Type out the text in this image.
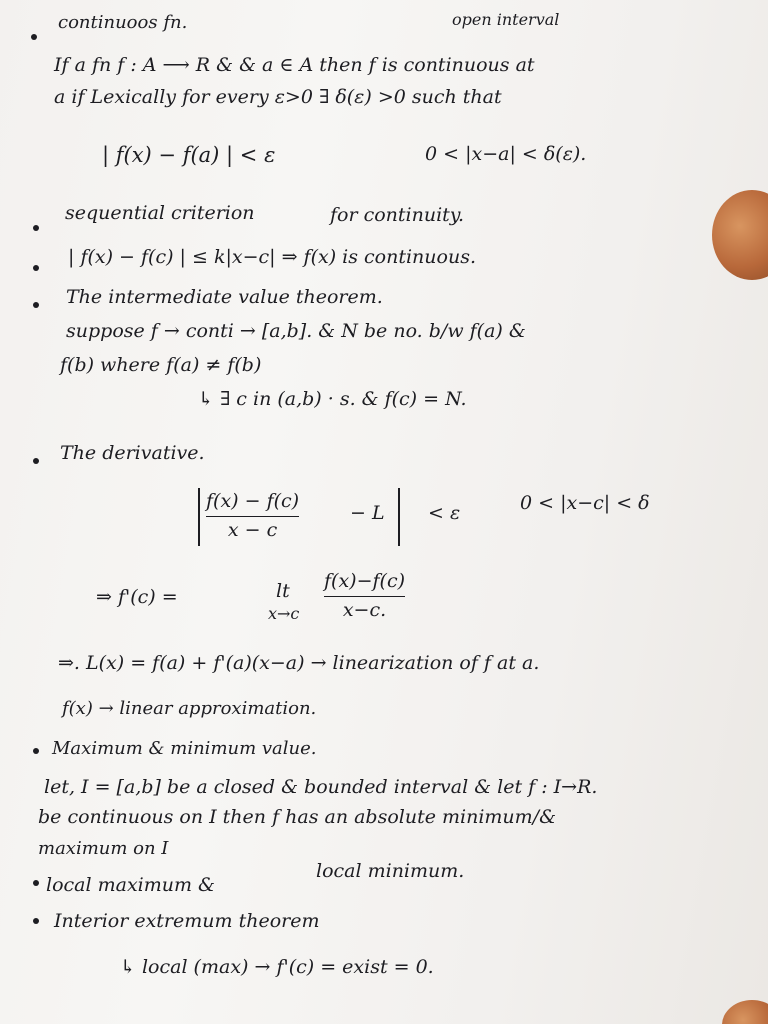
continuoos fn.	open interval
If a fn f : A ⟶ R & & a ∈ A then f is continuous at
a if Lexically for every ε>0 ∃ δ(ε) >0 such that
| f(x) − f(a) | < ε	0 < |x−a| < δ(ε).
sequential criterion	for continuity.
| f(x) − f(c) | ≤ k|x−c| ⇒ f(x) is continuous.
The intermediate value theorem.
suppose f → conti → [a,b]. & N be no. b/w f(a) &
f(b) where f(a) ≠ f(b)
↳ ∃ c in (a,b) · s. & f(c) = N.
The derivative.
f(x) − f(c)
x − c
− L < ε	0 < |x−c| < δ
⇒ f'(c) =	lt
x→c
f(x)−f(c)
x−c.
⇒. L(x) = f(a) + f'(a)(x−a) → linearization of f at a.
f(x) → linear approximation.
Maximum & minimum value.
let, I = [a,b] be a closed & bounded interval & let f : I→R.
be continuous on I then f has an absolute minimum/&
maximum on I
local maximum &
local minimum.
Interior extremum theorem
↳ local (max) → f'(c) = exist = 0.
